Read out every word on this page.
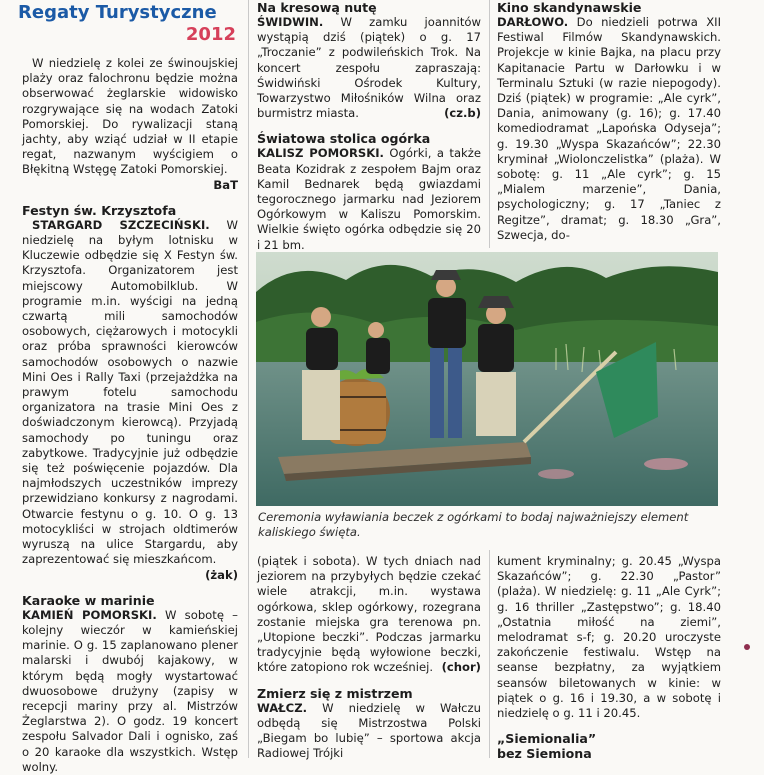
Regaty Turystyczne
2012

W niedzielę z kolei ze świnoujskiej plaży oraz falochronu będzie można obserwować żeglarskie widowisko rozgrywające się na wodach Zatoki Pomorskiej. Do rywalizacji staną jachty, aby wziąć udział w II etapie regat, nazwanym wyścigiem o Błękitną Wstęgę Zatoki Pomorskiej.
BaT

Festyn św. Krzysztofa

STARGARD SZCZECIŃSKI. W niedzielę na byłym lotnisku w Kluczewie odbędzie się X Festyn św. Krzysztofa. Organizatorem jest miejscowy Automobilklub. W programie m.in. wyścigi na jedną czwartą mili samochodów osobowych, ciężarowych i motocykli oraz próba sprawności kierowców samochodów osobowych o nazwie Mini Oes i Rally Taxi (przejażdżka na prawym fotelu samochodu organizatora na trasie Mini Oes z doświadczonym kierowcą). Przyjadą samochody po tuningu oraz zabytkowe. Tradycyjnie już odbędzie się też poświęcenie pojazdów. Dla najmłodszych uczestników imprezy przewidziano konkursy z nagrodami. Otwarcie festynu o g. 10. O g. 13 motocykliści w strojach oldtimerów wyruszą na ulice Stargardu, aby zaprezentować się mieszkańcom.
(żak)

Karaoke w marinie

KAMIEŃ POMORSKI. W sobotę – kolejny wieczór w kamieńskiej marinie. O g. 15 zaplanowano plener malarski i dwubój kajakowy, w którym będą mogły wystartować dwuosobowe drużyny (zapisy w recepcji mariny przy al. Mistrzów Żeglarstwa 2). O godz. 19 koncert zespołu Salvador Dali i ognisko, zaś o 20 karaoke dla wszystkich. Wstęp wolny.

Na kresową nutę

ŚWIDWIN. W zamku joannitów wystąpią dziś (piątek) o g. 17 „Troczanie” z podwileńskich Trok. Na koncert zespołu zapraszają: Świdwiński Ośrodek Kultury, Towarzystwo Miłośników Wilna oraz burmistrz miasta.	(cz.b)

Światowa stolica ogórka

KALISZ POMORSKI. Ogórki, a także Beata Kozidrak z zespołem Bajm oraz Kamil Bednarek będą gwiazdami tegorocznego jarmarku nad Jeziorem Ogórkowym w Kaliszu Pomorskim. Wielkie święto ogórka odbędzie się 20 i 21 bm.

Kino skandynawskie

DARŁOWO. Do niedzieli potrwa XII Festiwal Filmów Skandynawskich. Projekcje w kinie Bajka, na placu przy Kapitanacie Partu w Darłowku i w Terminalu Sztuki (w razie niepogody). Dziś (piątek) w programie: „Ale cyrk”, Dania, animowany (g. 16); g. 17.40 komediodramat „Lapońska Odyseja”; g. 19.30 „Wyspa Skazańców”; 22.30 kryminał „Wiolonczelistka” (plaża). W sobotę: g. 11 „Ale cyrk”; g. 15 „Mialem marzenie”, Dania, psychologiczny; g. 17 „Taniec z Regitze”, dramat; g. 18.30 „Gra”, Szwecja, do-

Ceremonia wyławiania beczek z ogórkami to bodaj najważniejszy element kaliskiego święta.

(piątek i sobota). W tych dniach nad jeziorem na przybyłych będzie czekać wiele atrakcji, m.in. wystawa ogórkowa, sklep ogórkowy, rozegrana zostanie miejska gra terenowa pn. „Utopione beczki”. Podczas jarmarku tradycyjnie będą wyłowione beczki, które zatopiono rok wcześniej. (chor)

Zmierz się z mistrzem

WAŁCZ. W niedzielę w Wałczu odbędą się Mistrzostwa Polski „Biegam bo lubię” – sportowa akcja Radiowej Trójki

kument kryminalny; g. 20.45 „Wyspa Skazańców”; g. 22.30 „Pastor” (plaża). W niedzielę: g. 11 „Ale Cyrk”; g. 16 thriller „Zastępstwo”; g. 18.40 „Ostatnia miłość na ziemi”, melodramat s-f; g. 20.20 uroczyste zakończenie festiwalu. Wstęp na seanse bezpłatny, za wyjątkiem seansów biletowanych w kinie: w piątek o g. 16 i 19.30, a w sobotę i niedzielę o g. 11 i 20.45.

„Siemionalia”

bez Siemiona
